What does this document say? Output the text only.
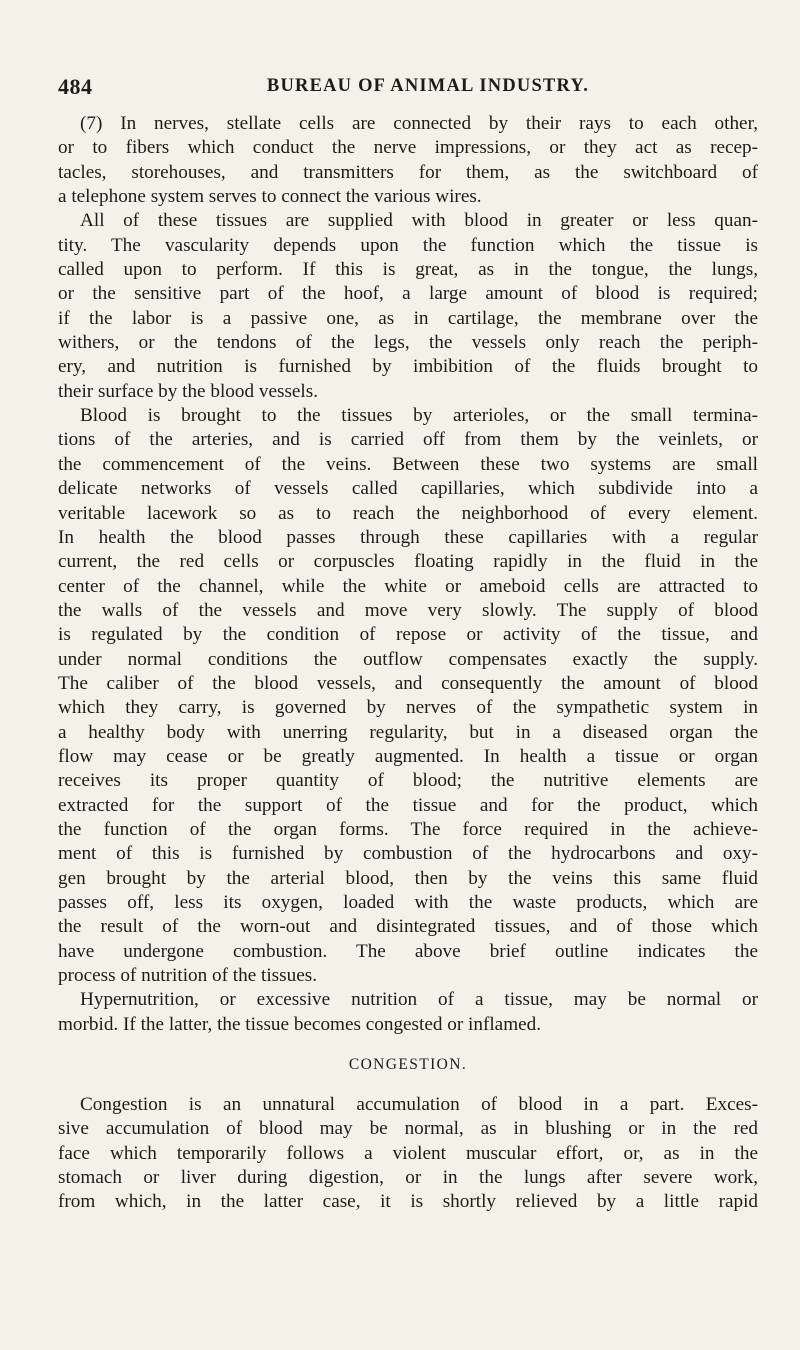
484	BUREAU OF ANIMAL INDUSTRY.
(7) In nerves, stellate cells are connected by their rays to each other,
or to fibers which conduct the nerve impressions, or they act as recep-
tacles, storehouses, and transmitters for them, as the switchboard of
a telephone system serves to connect the various wires.
All of these tissues are supplied with blood in greater or less quan-
tity. The vascularity depends upon the function which the tissue is
called upon to perform. If this is great, as in the tongue, the lungs,
or the sensitive part of the hoof, a large amount of blood is required;
if the labor is a passive one, as in cartilage, the membrane over the
withers, or the tendons of the legs, the vessels only reach the periph-
ery, and nutrition is furnished by imbibition of the fluids brought to
their surface by the blood vessels.
Blood is brought to the tissues by arterioles, or the small termina-
tions of the arteries, and is carried off from them by the veinlets, or
the commencement of the veins. Between these two systems are small
delicate networks of vessels called capillaries, which subdivide into a
veritable lacework so as to reach the neighborhood of every element.
In health the blood passes through these capillaries with a regular
current, the red cells or corpuscles floating rapidly in the fluid in the
center of the channel, while the white or ameboid cells are attracted to
the walls of the vessels and move very slowly. The supply of blood
is regulated by the condition of repose or activity of the tissue, and
under normal conditions the outflow compensates exactly the supply.
The caliber of the blood vessels, and consequently the amount of blood
which they carry, is governed by nerves of the sympathetic system in
a healthy body with unerring regularity, but in a diseased organ the
flow may cease or be greatly augmented. In health a tissue or organ
receives its proper quantity of blood; the nutritive elements are
extracted for the support of the tissue and for the product, which
the function of the organ forms. The force required in the achieve-
ment of this is furnished by combustion of the hydrocarbons and oxy-
gen brought by the arterial blood, then by the veins this same fluid
passes off, less its oxygen, loaded with the waste products, which are
the result of the worn-out and disintegrated tissues, and of those which
have undergone combustion. The above brief outline indicates the
process of nutrition of the tissues.
Hypernutrition, or excessive nutrition of a tissue, may be normal or
morbid. If the latter, the tissue becomes congested or inflamed.
CONGESTION.
Congestion is an unnatural accumulation of blood in a part. Exces-
sive accumulation of blood may be normal, as in blushing or in the red
face which temporarily follows a violent muscular effort, or, as in the
stomach or liver during digestion, or in the lungs after severe work,
from which, in the latter case, it is shortly relieved by a little rapid
